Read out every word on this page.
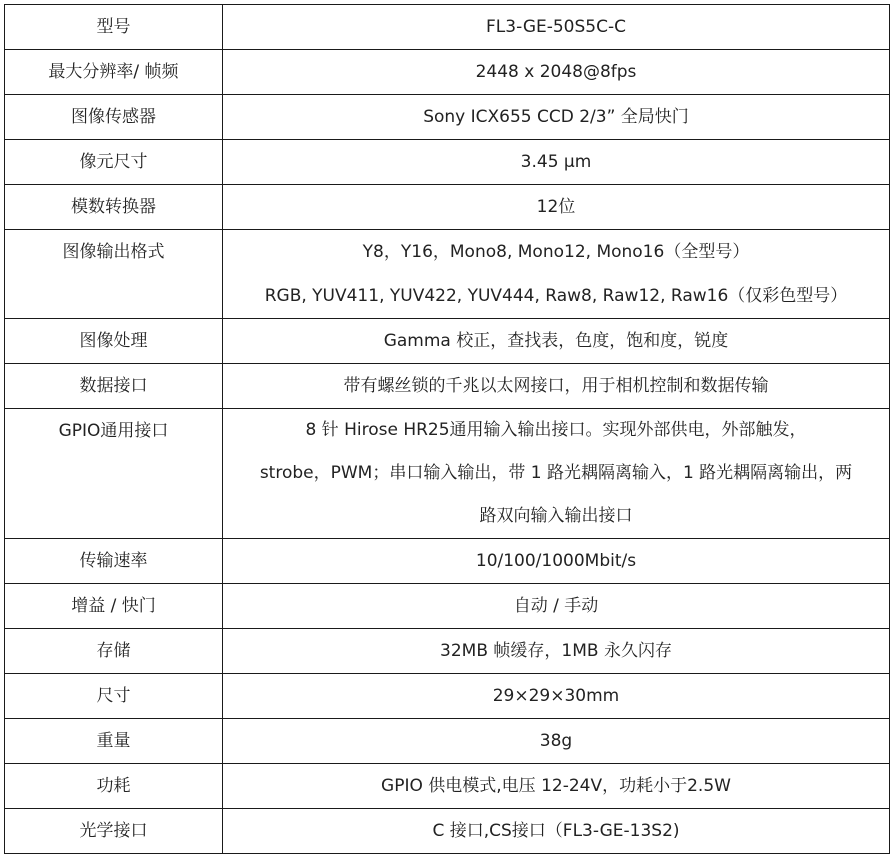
型号	FL3-GE-50S5C-C

最大分辨率/ 帧频	2448 x 2048@8fps

图像传感器	Sony ICX655 CCD 2/3” 全局快门

像元尺寸	3.45 μm

模数转换器	12位

图像输出格式	Y8，Y16，Mono8, Mono12, Mono16（全型号）
RGB, YUV411, YUV422, YUV444, Raw8, Raw12, Raw16（仅彩色型号）

图像处理	Gamma 校正，查找表，色度，饱和度，锐度

数据接口	带有螺丝锁的千兆以太网接口，用于相机控制和数据传输

GPIO通用接口	8 针 Hirose HR25通用输入输出接口。实现外部供电，外部触发，
strobe，PWM；串口输入输出，带 1 路光耦隔离输入，1 路光耦隔离输出，两
路双向输入输出接口

传输速率	10/100/1000Mbit/s

增益 / 快门	自动 / 手动

存储	32MB 帧缓存，1MB 永久闪存

尺寸	29×29×30mm

重量	38g

功耗	GPIO 供电模式,电压 12-24V，功耗小于2.5W

光学接口	C 接口,CS接口（FL3-GE-13S2)
